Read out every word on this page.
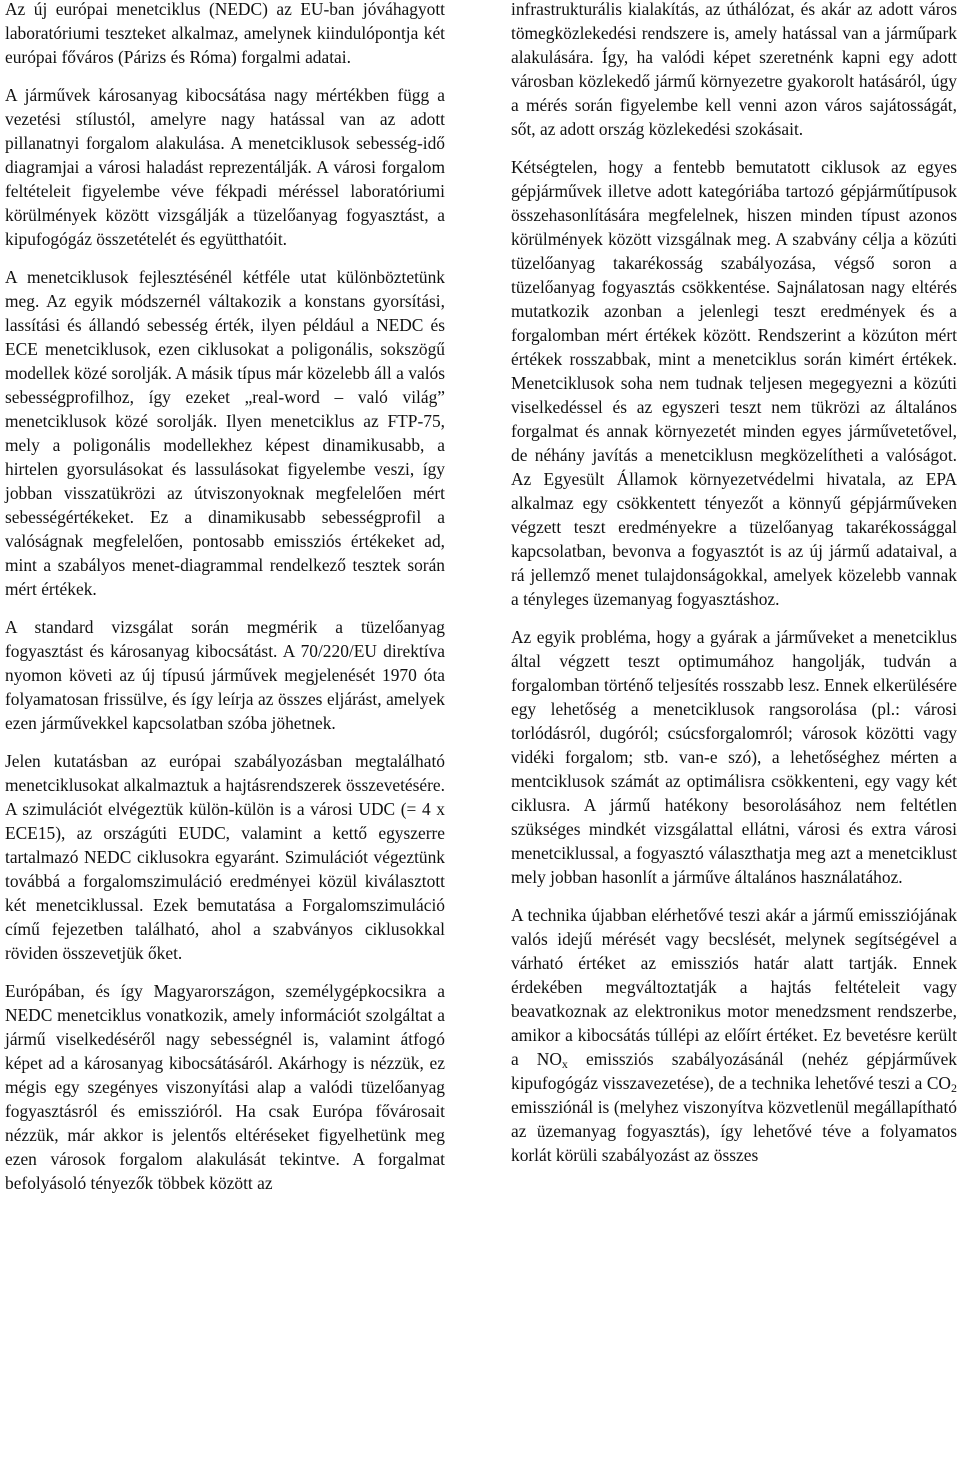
Az új európai menetciklus (NEDC) az EU-ban jóváhagyott laboratóriumi teszteket alkalmaz, amelynek kiindulópontja két európai főváros (Párizs és Róma) forgalmi adatai.

A járművek károsanyag kibocsátása nagy mértékben függ a vezetési stílustól, amelyre nagy hatással van az adott pillanatnyi forgalom alakulása. A menetciklusok sebesség-idő diagramjai a városi haladást reprezentálják. A városi forgalom feltételeit figyelembe véve fékpadi méréssel laboratóriumi körülmények között vizsgálják a tüzelőanyag fogyasztást, a kipufogógáz összetételét és együtthatóit.

A menetciklusok fejlesztésénél kétféle utat különböztetünk meg. Az egyik módszernél váltakozik a konstans gyorsítási, lassítási és állandó sebesség érték, ilyen például a NEDC és ECE menetciklusok, ezen ciklusokat a poligonális, sokszögű modellek közé sorolják. A másik típus már közelebb áll a valós sebességprofilhoz, így ezeket „real-word – való világ” menetciklusok közé sorolják. Ilyen menetciklus az FTP-75, mely a poligonális modellekhez képest dinamikusabb, a hirtelen gyorsulásokat és lassulásokat figyelembe veszi, így jobban visszatükrözi az útviszonyoknak megfelelően mért sebességértékeket. Ez a dinamikusabb sebességprofil a valóságnak megfelelően, pontosabb emissziós értékeket ad, mint a szabályos menet-diagrammal rendelkező tesztek során mért értékek.

A standard vizsgálat során megmérik a tüzelőanyag fogyasztást és károsanyag kibocsátást. A 70/220/EU direktíva nyomon követi az új típusú járművek megjelenését 1970 óta folyamatosan frissülve, és így leírja az összes eljárást, amelyek ezen járművekkel kapcsolatban szóba jöhetnek.

Jelen kutatásban az európai szabályozásban megtalálható menetciklusokat alkalmaztuk a hajtásrendszerek összevetésére. A szimulációt elvégeztük külön-külön is a városi UDC (= 4 x ECE15), az országúti EUDC, valamint a kettő egyszerre tartalmazó NEDC ciklusokra egyaránt. Szimulációt végeztünk továbbá a forgalomszimuláció eredményei közül kiválasztott két menetciklussal. Ezek bemutatása a Forgalomszimuláció című fejezetben található, ahol a szabványos ciklusokkal röviden összevetjük őket.

Európában, és így Magyarországon, személygépkocsikra a NEDC menetciklus vonatkozik, amely információt szolgáltat a jármű viselkedéséről nagy sebességnél is, valamint átfogó képet ad a károsanyag kibocsátásáról. Akárhogy is nézzük, ez mégis egy szegényes viszonyítási alap a valódi tüzelőanyag fogyasztásról és emisszióról. Ha csak Európa fővárosait nézzük, már akkor is jelentős eltéréseket figyelhetünk meg ezen városok forgalom alakulását tekintve. A forgalmat befolyásoló tényezők többek között az

infrastrukturális kialakítás, az úthálózat, és akár az adott város tömegközlekedési rendszere is, amely hatással van a járműpark alakulására. Így, ha valódi képet szeretnénk kapni egy adott városban közlekedő jármű környezetre gyakorolt hatásáról, úgy a mérés során figyelembe kell venni azon város sajátosságát, sőt, az adott ország közlekedési szokásait.

Kétségtelen, hogy a fentebb bemutatott ciklusok az egyes gépjárművek illetve adott kategóriába tartozó gépjárműtípusok összehasonlítására megfelelnek, hiszen minden típust azonos körülmények között vizsgálnak meg. A szabvány célja a közúti tüzelőanyag takarékosság szabályozása, végső soron a tüzelőanyag fogyasztás csökkentése. Sajnálatosan nagy eltérés mutatkozik azonban a jelenlegi teszt eredmények és a forgalomban mért értékek között. Rendszerint a közúton mért értékek rosszabbak, mint a menetciklus során kimért értékek. Menetciklusok soha nem tudnak teljesen megegyezni a közúti viselkedéssel és az egyszeri teszt nem tükrözi az általános forgalmat és annak környezetét minden egyes járművetetővel, de néhány javítás a menetciklusn megközelítheti a valóságot. Az Egyesült Államok környezetvédelmi hivatala, az EPA alkalmaz egy csökkentett tényezőt a könnyű gépjárműveken végzett teszt eredményekre a tüzelőanyag takarékossággal kapcsolatban, bevonva a fogyasztót is az új jármű adataival, a rá jellemző menet tulajdonságokkal, amelyek közelebb vannak a tényleges üzemanyag fogyasztáshoz.

Az egyik probléma, hogy a gyárak a járműveket a menetciklus által végzett teszt optimumához hangolják, tudván a forgalomban történő teljesítés rosszabb lesz. Ennek elkerülésére egy lehetőség a menetciklusok rangsorolása (pl.: városi torlódásról, dugóról; csúcsforgalomról; városok közötti vagy vidéki forgalom; stb. van-e szó), a lehetőséghez mérten a mentciklusok számát az optimálisra csökkenteni, egy vagy két ciklusra. A jármű hatékony besorolásához nem feltétlen szükséges mindkét vizsgálattal ellátni, városi és extra városi menetciklussal, a fogyasztó választhatja meg azt a menetciklust mely jobban hasonlít a járműve általános használatához.

A technika újabban elérhetővé teszi akár a jármű emissziójának valós idejű mérését vagy becslését, melynek segítségével a várható értéket az emissziós határ alatt tartják. Ennek érdekében megváltoztatják a hajtás feltételeit vagy beavatkoznak az elektronikus motor menedzsment rendszerbe, amikor a kibocsátás túllépi az előírt értéket. Ez bevetésre került a $NO_x$ emissziós szabályozásánál (nehéz gépjárművek kipufogógáz visszavezetése), de a technika lehetővé teszi a $CO_2$ emissziónál is (melyhez viszonyítva közvetlenül megállapítható az üzemanyag fogyasztás), így lehetővé téve a folyamatos korlát körüli szabályozást az összes
